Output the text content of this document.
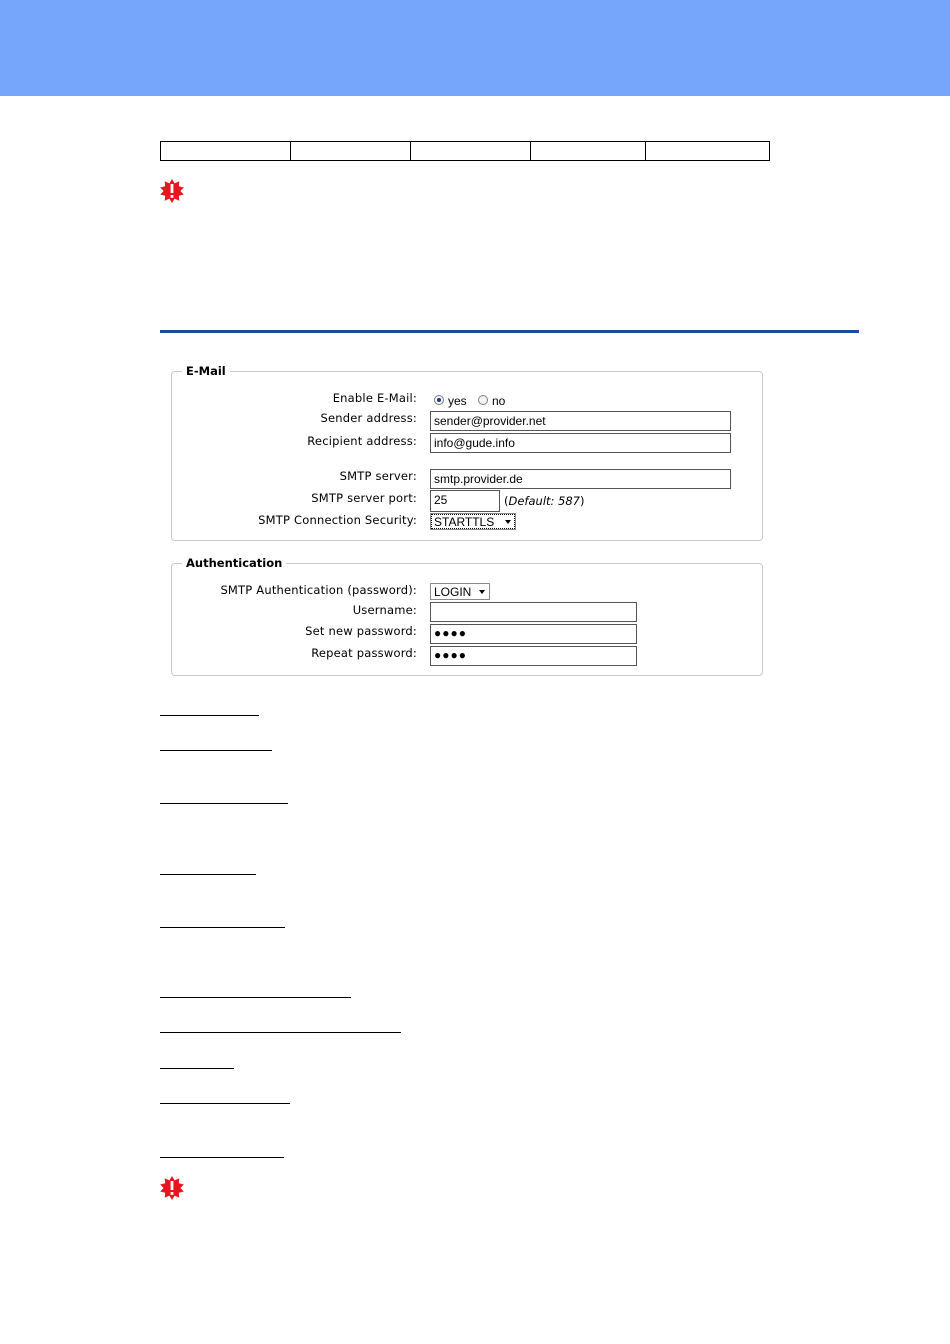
E-Mail
Enable E-Mail:	yes no
Sender address:	sender@provider.net
Recipient address:	info@gude.info
SMTP server:	smtp.provider.de
SMTP server port:	25	(Default: 587)
SMTP Connection Security:	STARTTLS
Authentication
SMTP Authentication (password):	LOGIN
Username:
Set new password:	●●●●
Repeat password:	●●●●
